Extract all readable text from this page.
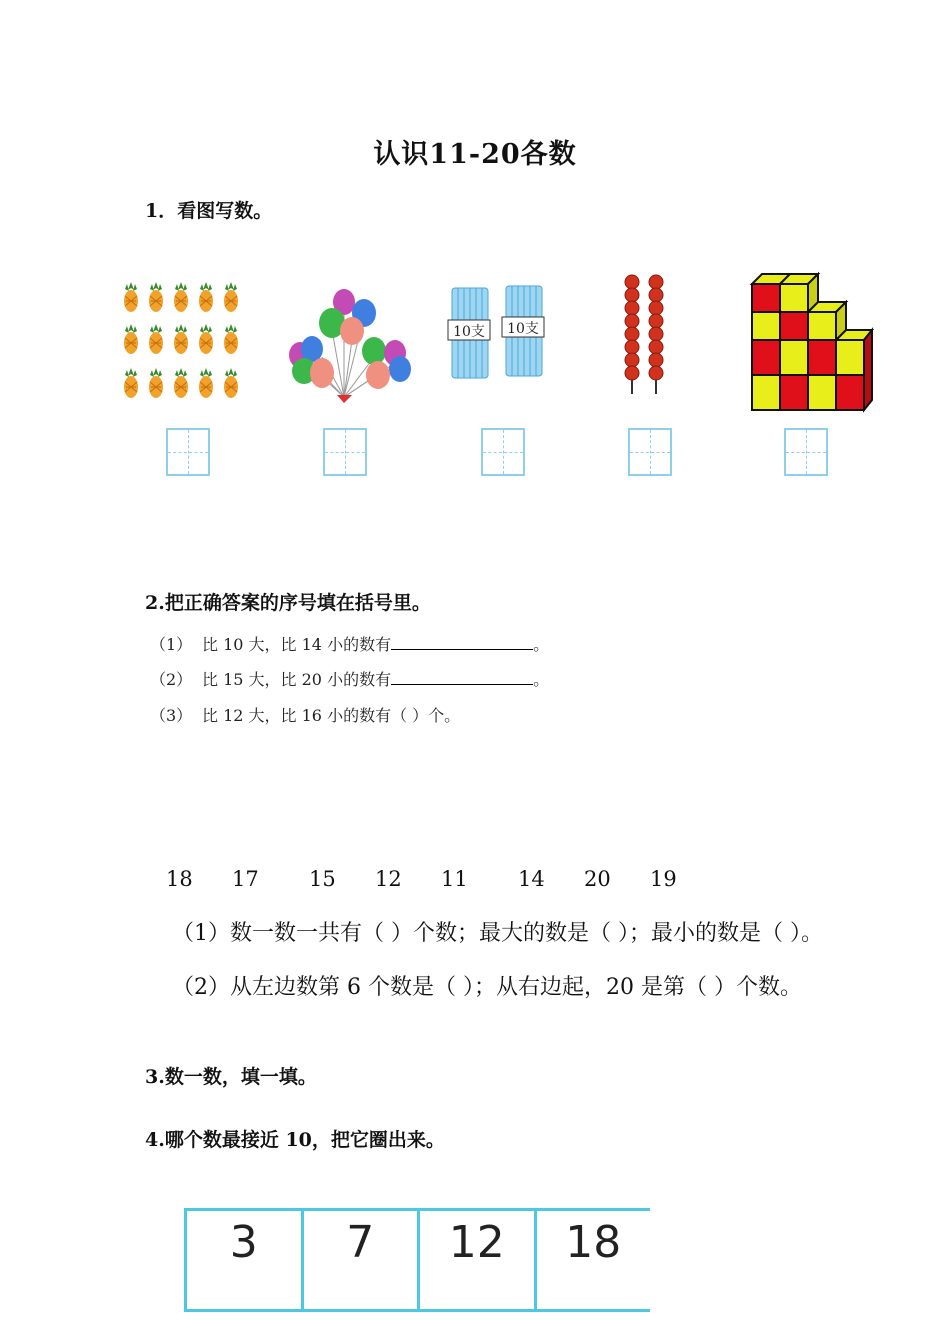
认识11-20各数
1．看图写数。
10支 10支
2.把正确答案的序号填在括号里。
（1） 比 10 大，比 14 小的数有	。
（2） 比 15 大，比 20 小的数有	。
（3） 比 12 大，比 16 小的数有（ ）个。
18 17 15 12 11 14 20 19
（1）数一数一共有（ ）个数；最大的数是（ ）；最小的数是（ ）。
（2）从左边数第 6 个数是（ ）；从右边起，20 是第（ ）个数。
3.数一数，填一填。
4.哪个数最接近 10，把它圈出来。
3	7	12	18
